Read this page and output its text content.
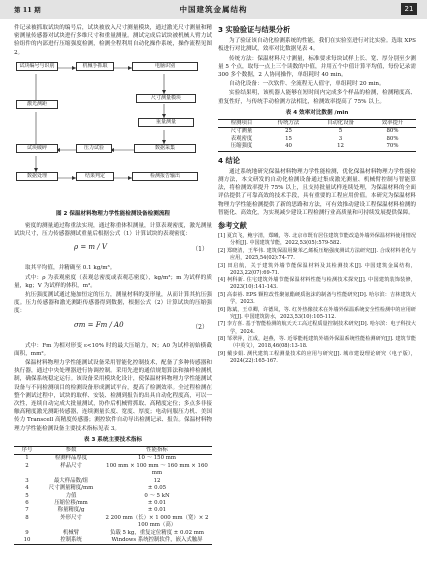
第 11 期	中国建筑金属结构	21

件记录被抓取试块的编号后，试块被放入尺寸测量模块，通过激光尺寸测量和精密测量传感器对试块进行多维尺寸和重量测量。测试完成后试块被机械人臂力试验组件的内部进行压缩强度检测，检测全程利用自动化操作系统，操作流程见图 2。

试块编号与识别	机械手抓取	电脑识别
尺寸测量模块
激光测距
重量测量
数据采集
压力试验
试块破碎
数据处理	结果判定	检测报告输出
图 2 保温材料物理力学性能检测设备检测流程

密度的测量通过称重法实现，通过称重体积测量，计算表观密度，激光测量试块尺寸，压力传感器测试重量后根据公式（1）计算试块的表观密度：

ρ = m / V	（1）

取其平均值，并精确至 0.1 kg/m³。

式中：ρ 为表观密度（表观总密度或表观芯密度），kg/m³；m 为试样的质量，kg；V 为试样的体积，m³。

抗压强度测试通过施加恒定的压力，测量材料的变形量，从而计算其抗压强度。压力传感器和激光测距传感器得到数据，根据公式（2）计算试块的压缩强度：

σm = Fm / A0	（2）

式中：Fm 为相对形变 ε<10% 时的最大压缩力，N；A0 为试样初始横截面积，mm²。

保温材料物理力学性能测试设备采用智能化控制技术，配备了多种传感器和执行器，通过中央处理器进行协调控制。采用先进的通信规划算法和抽样检测机制，确保系统稳定运行。该设备采用模块化设计，使保温材料物理力学性能测试设备与不同检测项目的检测设备形成测试平台，提高了检测效率。全过程检测在整个测试过程中，试块的取样、安装、检测到报告的出具自动化程度高，可以一次性，连续自动完成大批量测试，协作后机械臂抓取、高精度定位；多点多非接触高精度激光测距传感器，连续测量长度、宽度、厚度；电动同服压力机、美国传力 Transcell 高精度传感器；测控软件自动导出检测记录、报告。保温材料物理力学性能检测设备主要技术指标见表 3。

表 3 系统主要技术指标
序号	参数	性能指标
1	检测样品厚度	10 ～ 150 mm
2	样品尺寸	100 mm × 100 mm ～ 160 mm × 160 mm
3	最大样品数/组	12
4	尺寸测量精度/mm	± 0.05
5	力值	0 ～ 5 kN
6	压缩位移/mm	± 0.01
7	称量精度/g	± 0.01
8	外形尺寸	2 200 mm（长）× 1 000 mm（宽）× 2 100 mm（高）
9	机械臂	负载 5 kg，重复定位精度 ± 0.02 mm
10	控制系统	Windows 系统控制软件，嵌入式触屏
3 实验验证与结果分析

为了验证该自动化检测系统的性能，我们在实验室进行对比实验。选取 XPS 板进行对比测试，效率对比数据见表 4。

传统方法：保温材料尺寸测量，标准要求每块试样上长、宽、厚分别至少测量 5 个点，取每一点上三个读数的中值，并用五个中值计算平均值，每份记录需 300 多个数据，2 人协同操作，单组耗时 40 min。

自动化设备：一次软件、全流程无人值守，单组耗时 20 min。

实验结果明，该机器人能够在短时间内完成多个样品的检测，检测精度高、重复性好，与传统手动检测方法相比，检测效率提高了 75% 以上。

表 4 效率对比数据 /min
检测项目	传统方法	自动化设备	效率提升
尺寸测量	25	5	80%
表观密度	15	3	80%
压缩强度	40	12	70%
4 结论

通过系统地研究保温材料物理力学性能检测，优化保温材料物理力学性能检测方法，本文研发的自动化检测设备通过集成激光测量、机械臂控制与智能算法，将检测效率提升 75% 以上，且支持批量试样连续处理，为保温材料的全面评估提供了可靠高效的技术手段，具有重要的工程应用价值。本研究为保温材料物理力学性能检测提供了新的思路和方法，可有效推动建设工程保温材料检测的智能化、高效化，为实现减少建设工程检测行业高质量和可持续发展提供保障。

参考文献
[1] 夏宾飞，鲍宇清，郑曦，等. 北京市既有居住建筑节能改造外墙外保温材料使用情况分析[J]. 中国建筑节能，2022,53(05):579-582.
[2] 郑晓清，王华伟. 建筑保温用聚苯乙烯板压缩强度测试方法研究[J]. 合成材料老化与应用，2025,54(02):74-77.
[3] 田启航，关于建筑外墙节能保温材料及其检测技术[J]. 中国建筑金属结构，2023,22(07):69-71.
[4] 柯科新. 住宅建筑外墙节能保温材料性能与检测技术探究[J]. 中国建筑装饰装修，2023(10):141-143.
[5] 高泰裕. EPS 颗粒改性聚氨酯硬质泡沫的制备与性能研究[D]. 哈尔滨：吉林建筑大学，2023.
[6] 陈斌，王卓卿，许德凤，等. 红外热像技术在外墙外保温系统安全性检测中的应用研究[J]. 中国建筑防水，2023,53(10):105-112.
[7] 李方喜. 基于智能检测的航天天工高过程质量控制技术研究[D]. 哈尔滨：电子科技大学，2024.
[8] 邹翠萍，江成，赵燕，等. 近零能耗建筑外墙外保温系统性能检测研究[J]. 建筑节能（中英文），2018,46(08):13-18.
[9] 戴步娟. 测代建筑工程测量技术的应用与研究[J]. 城市建设理论研究（电子版），2024(22):165-167.
